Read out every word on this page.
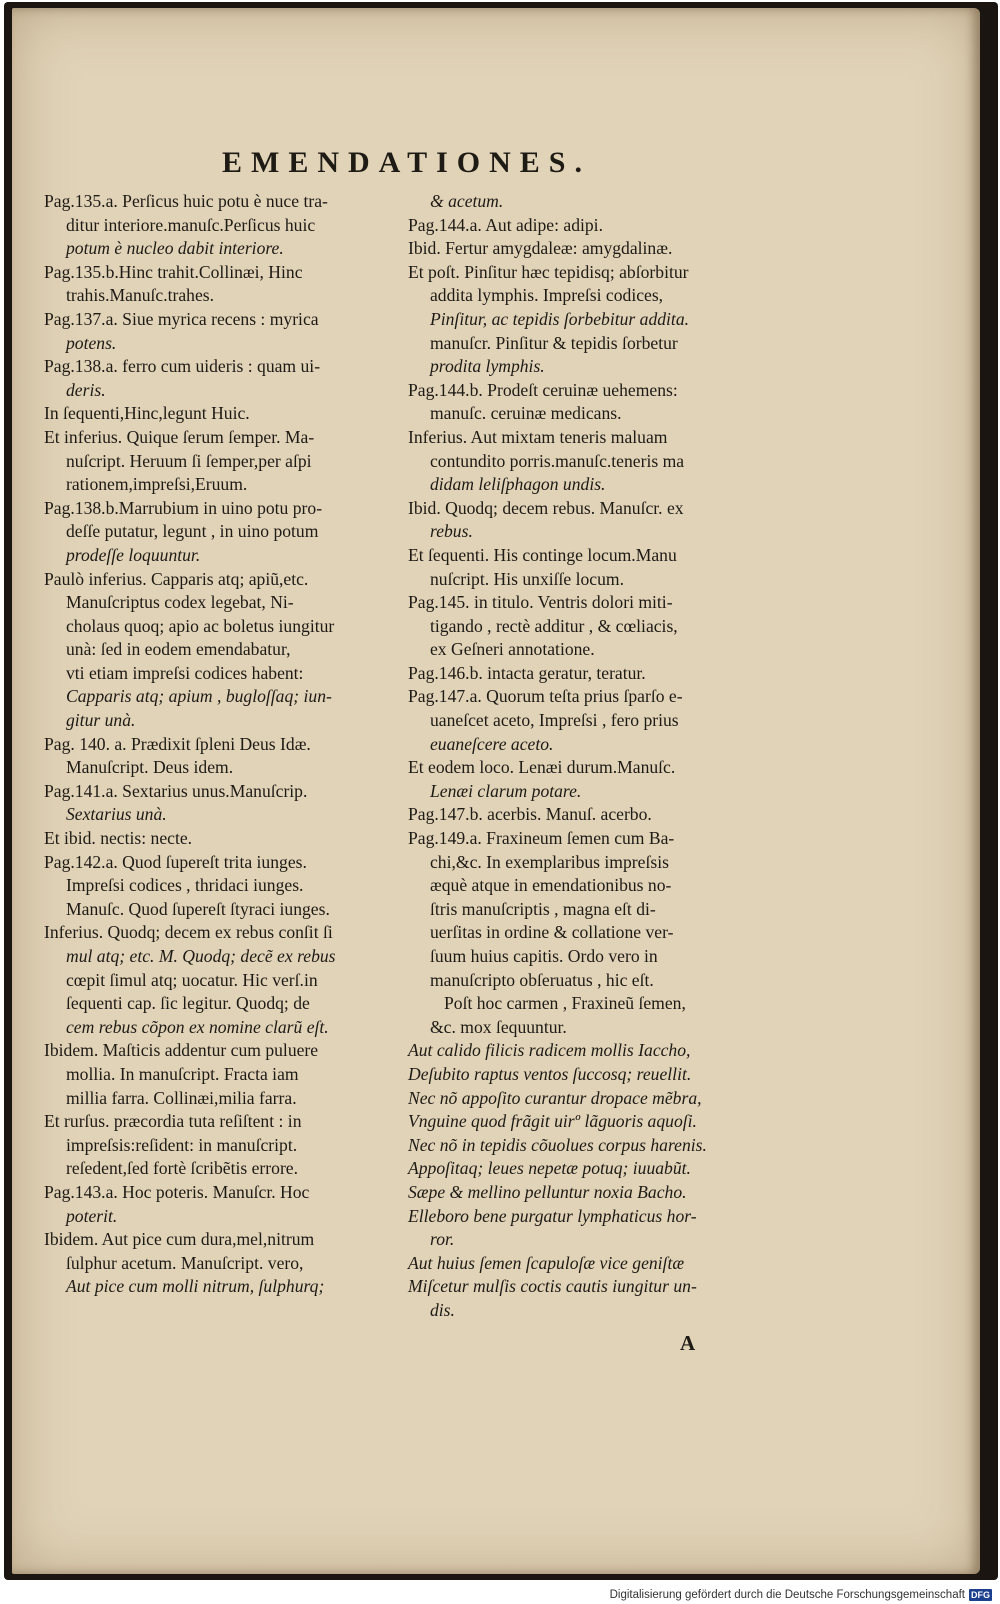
EMENDATIONES.
Pag.135.a. Perſicus huic potu è nuce tra-
ditur interiore.manuſc.Perſicus huic
potum è nucleo dabit interiore.
Pag.135.b.Hinc trahit.Collinæi, Hinc
trahis.Manuſc.trahes.
Pag.137.a. Siue myrica recens : myrica
potens.
Pag.138.a. ferro cum uideris : quam ui-
deris.
In ſequenti,Hinc,legunt Huic.
Et inferius. Quique ſerum ſemper. Ma-
nuſcript. Heruum ſi ſemper,per aſpi
rationem,impreſsi,Eruum.
Pag.138.b.Marrubium in uino potu pro-
deſſe putatur, legunt , in uino potum
prodeſſe loquuntur.
Paulò inferius. Capparis atq; apiũ,etc.
Manuſcriptus codex legebat, Ni-
cholaus quoq; apio ac boletus iungitur
unà: ſed in eodem emendabatur,
vti etiam impreſsi codices habent:
Capparis atq; apium , bugloſſaq; iun-
gitur unà.
Pag. 140. a. Prædixit ſpleni Deus Idæ.
Manuſcript. Deus idem.
Pag.141.a. Sextarius unus.Manuſcrip.
Sextarius unà.
Et ibid. nectis: necte.
Pag.142.a. Quod ſupereſt trita iunges.
Impreſsi codices , thridaci iunges.
Manuſc. Quod ſupereſt ſtyraci iunges.
Inferius. Quodq; decem ex rebus conſit ſi
mul atq; etc. M. Quodq; decẽ ex rebus
cœpit ſimul atq; uocatur. Hic verſ.in
ſequenti cap. ſic legitur. Quodq; de
cem rebus cõpon ex nomine clarũ eſt.
Ibidem. Maſticis addentur cum puluere
mollia. In manuſcript. Fracta iam
millia farra. Collinæi,milia farra.
Et rurſus. præcordia tuta reſiſtent : in
impreſsis:reſident: in manuſcript.
reſedent,ſed fortè ſcribẽtis errore.
Pag.143.a. Hoc poteris. Manuſcr. Hoc
poterit.
Ibidem. Aut pice cum dura,mel,nitrum
ſulphur acetum. Manuſcript. vero,
Aut pice cum molli nitrum, ſulphurq;
& acetum.
Pag.144.a. Aut adipe: adipi.
Ibid. Fertur amygdaleæ: amygdalinæ.
Et poſt. Pinſitur hæc tepidisq; abſorbitur
addita lymphis. Impreſsi codices,
Pinſitur, ac tepidis ſorbebitur addita.
manuſcr. Pinſitur & tepidis ſorbetur
prodita lymphis.
Pag.144.b. Prodeſt ceruinæ uehemens:
manuſc. ceruinæ medicans.
Inferius. Aut mixtam teneris maluam
contundito porris.manuſc.teneris ma
didam leliſphagon undis.
Ibid. Quodq; decem rebus. Manuſcr. ex
rebus.
Et ſequenti. His continge locum.Manu
nuſcript. His unxiſſe locum.
Pag.145. in titulo. Ventris dolori miti-
tigando , rectè additur , & cœliacis,
ex Geſneri annotatione.
Pag.146.b. intacta geratur, teratur.
Pag.147.a. Quorum teſta prius ſparſo e-
uaneſcet aceto, Impreſsi , fero prius
euaneſcere aceto.
Et eodem loco. Lenæi durum.Manuſc.
Lenæi clarum potare.
Pag.147.b. acerbis. Manuſ. acerbo.
Pag.149.a. Fraxineum ſemen cum Ba-
chi,&c. In exemplaribus impreſsis
æquè atque in emendationibus no-
ſtris manuſcriptis , magna eſt di-
uerſitas in ordine & collatione ver-
ſuum huius capitis. Ordo vero in
manuſcripto obſeruatus , hic eſt.
Poſt hoc carmen , Fraxineũ ſemen,
&c. mox ſequuntur.
Aut calido filicis radicem mollis Iaccho,
Deſubito raptus ventos ſuccosq; reuellit.
Nec nõ appoſito curantur dropace mẽbra,
Vnguine quod frãgit uirº lãguoris aquoſi.
Nec nõ in tepidis cõuolues corpus harenis.
Appoſitaq; leues nepetæ potuq; iuuabũt.
Sæpe & mellino pelluntur noxia Bacho.
Elleboro bene purgatur lymphaticus hor-
ror.
Aut huius ſemen ſcapuloſæ vice geniſtæ
Miſcetur mulſis coctis cautis iungitur un-
dis.
A
Digitalisierung gefördert durch die Deutsche Forschungsgemeinschaft DFG
